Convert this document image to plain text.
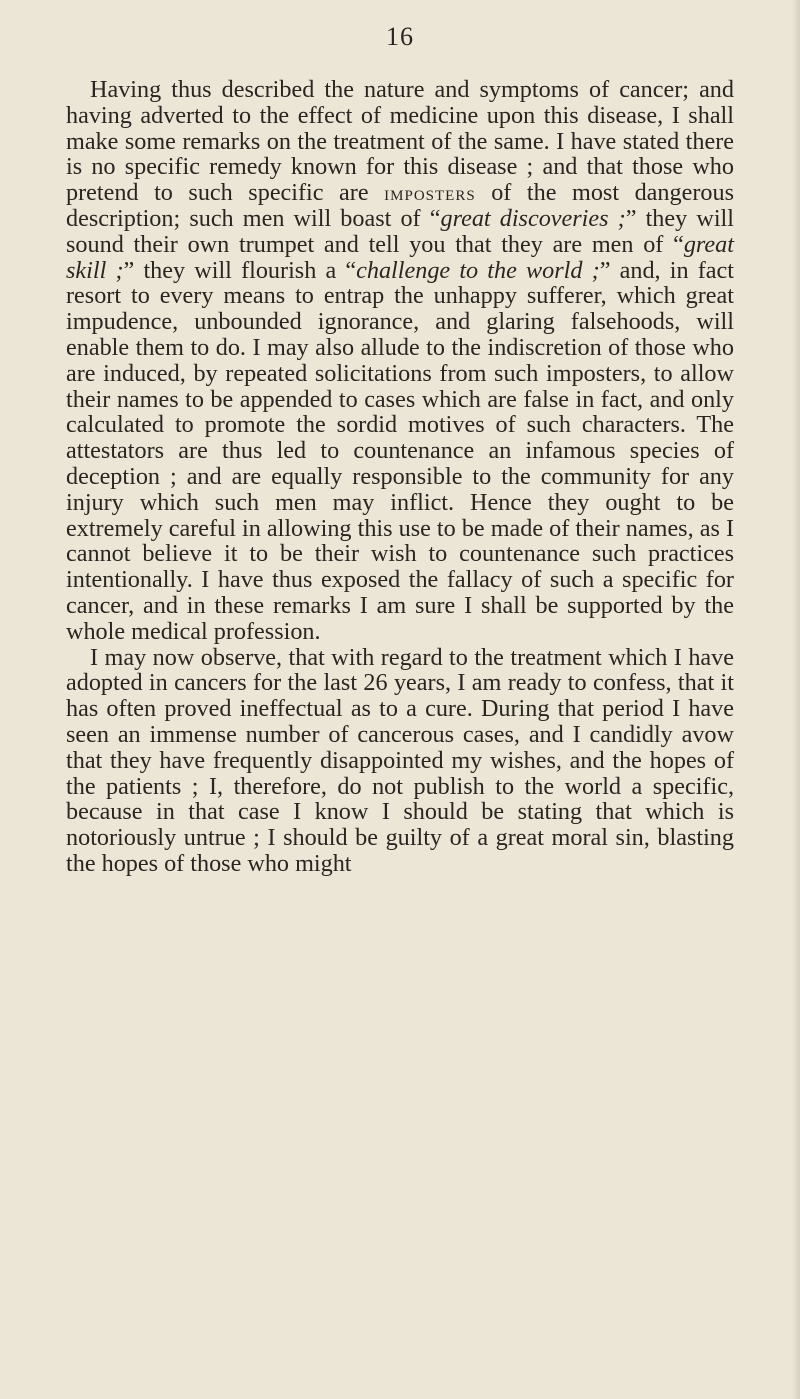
16

Having thus described the nature and symptoms of cancer; and having adverted to the effect of medicine upon this disease, I shall make some remarks on the treatment of the same. I have stated there is no specific remedy known for this disease ; and that those who pretend to such specific are imposters of the most dangerous description; such men will boast of “great discoveries ;” they will sound their own trumpet and tell you that they are men of “great skill ;” they will flourish a “challenge to the world ;” and, in fact resort to every means to entrap the unhappy sufferer, which great impudence, unbounded ignorance, and glaring falsehoods, will enable them to do. I may also allude to the indiscretion of those who are induced, by repeated solicitations from such imposters, to allow their names to be appended to cases which are false in fact, and only calculated to promote the sordid motives of such characters. The attestators are thus led to countenance an infamous species of deception ; and are equally responsible to the community for any injury which such men may inflict. Hence they ought to be extremely careful in allowing this use to be made of their names, as I cannot believe it to be their wish to countenance such practices intentionally. I have thus exposed the fallacy of such a specific for cancer, and in these remarks I am sure I shall be supported by the whole medical profession.

I may now observe, that with regard to the treatment which I have adopted in cancers for the last 26 years, I am ready to confess, that it has often proved ineffectual as to a cure. During that period I have seen an immense number of cancerous cases, and I candidly avow that they have frequently disappointed my wishes, and the hopes of the patients ; I, therefore, do not publish to the world a specific, because in that case I know I should be stating that which is notoriously untrue ; I should be guilty of a great moral sin, blasting the hopes of those who might
